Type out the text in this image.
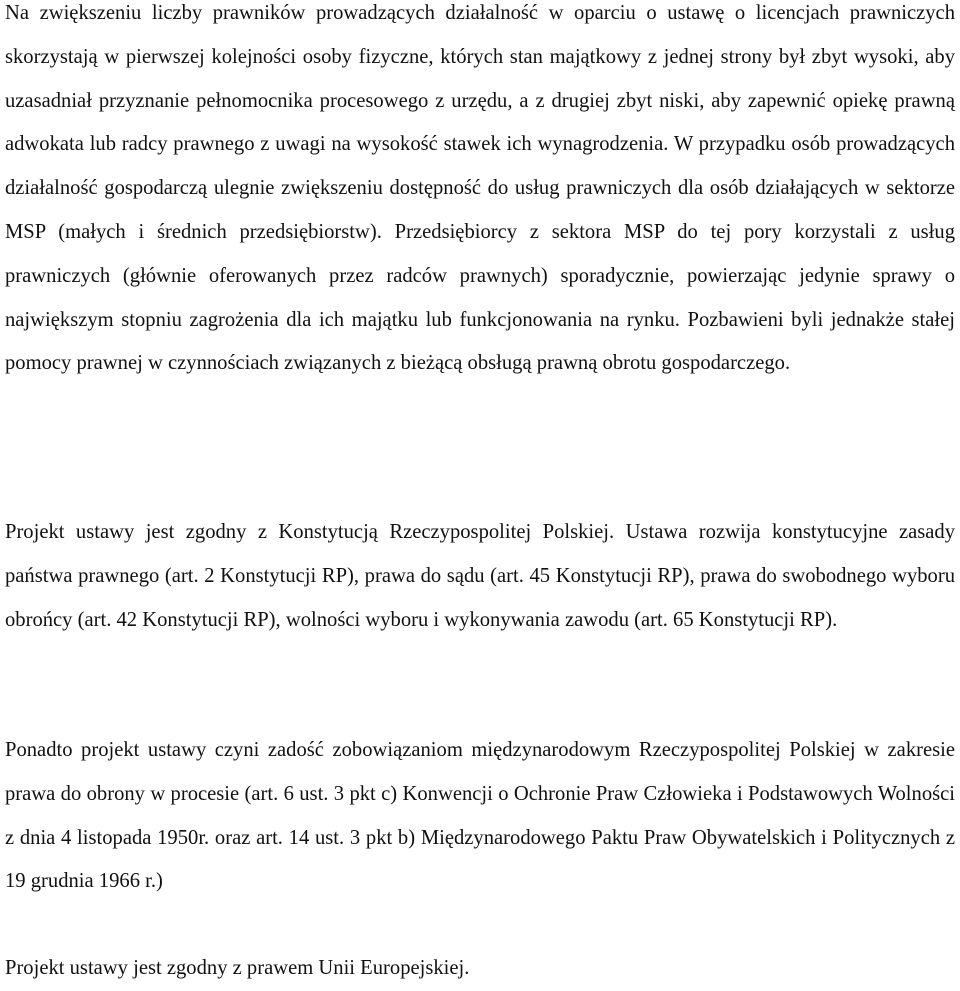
Na zwiększeniu liczby prawników prowadzących działalność w oparciu o ustawę o licencjach prawniczych skorzystają w pierwszej kolejności osoby fizyczne, których stan majątkowy z jednej strony był zbyt wysoki, aby uzasadniał przyznanie pełnomocnika procesowego z urzędu, a z drugiej zbyt niski, aby zapewnić opiekę prawną adwokata lub radcy prawnego z uwagi na wysokość stawek ich wynagrodzenia. W przypadku osób prowadzących działalność gospodarczą ulegnie zwiększeniu dostępność do usług prawniczych dla osób działających w sektorze MSP (małych i średnich przedsiębiorstw). Przedsiębiorcy z sektora MSP do tej pory korzystali z usług prawniczych (głównie oferowanych przez radców prawnych) sporadycznie, powierzając jedynie sprawy o największym stopniu zagrożenia dla ich majątku lub funkcjonowania na rynku. Pozbawieni byli jednakże stałej pomocy prawnej w czynnościach związanych z bieżącą obsługą prawną obrotu gospodarczego.

Projekt ustawy jest zgodny z Konstytucją Rzeczypospolitej Polskiej. Ustawa rozwija konstytucyjne zasady państwa prawnego (art. 2 Konstytucji RP), prawa do sądu (art. 45 Konstytucji RP), prawa do swobodnego wyboru obrońcy (art. 42 Konstytucji RP), wolności wyboru i wykonywania zawodu (art. 65 Konstytucji RP).

Ponadto projekt ustawy czyni zadość zobowiązaniom międzynarodowym Rzeczypospolitej Polskiej w zakresie prawa do obrony w procesie (art. 6 ust. 3 pkt c) Konwencji o Ochronie Praw Człowieka i Podstawowych Wolności z dnia 4 listopada 1950r. oraz art. 14 ust. 3 pkt b) Międzynarodowego Paktu Praw Obywatelskich i Politycznych z 19 grudnia 1966 r.)

Projekt ustawy jest zgodny z prawem Unii Europejskiej.
